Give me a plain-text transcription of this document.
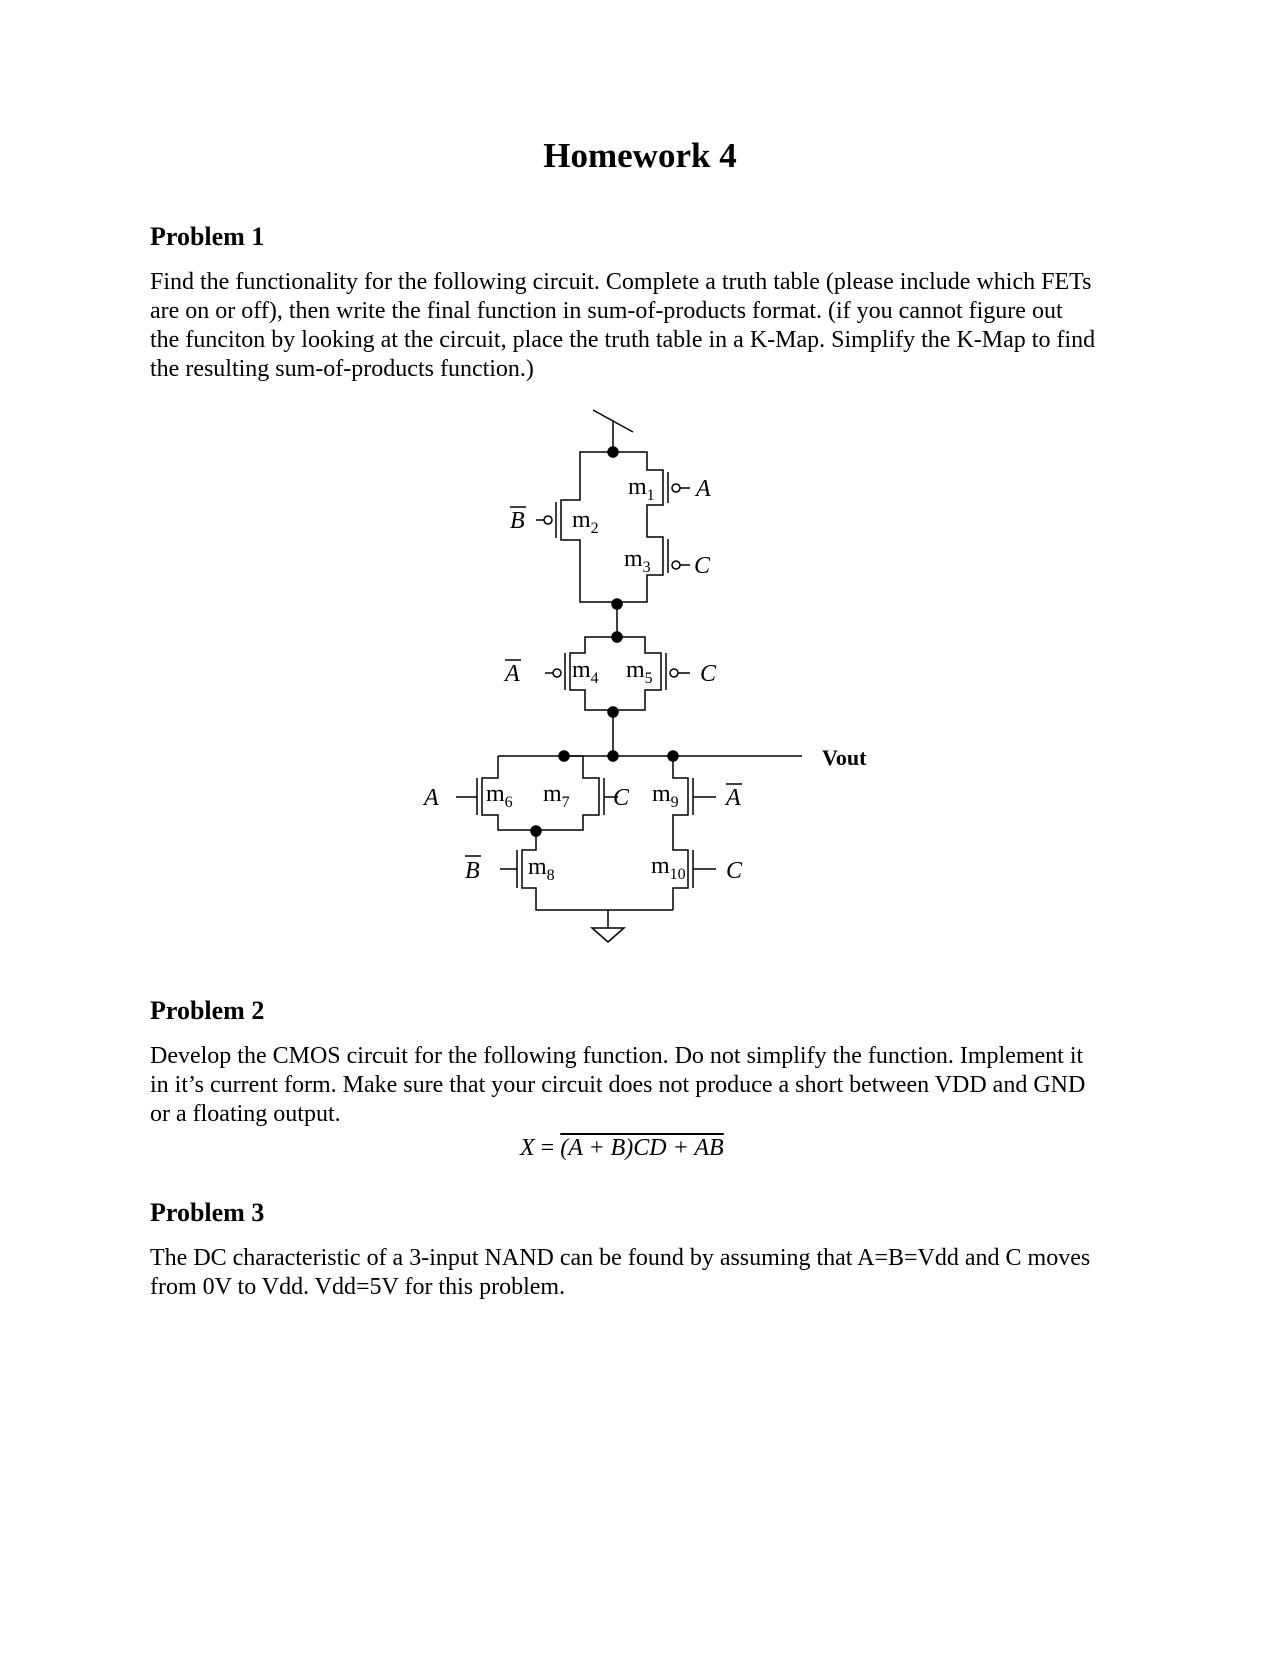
Homework 4
Problem 1

Find the functionality for the following circuit. Complete a truth table (please include which FETs
are on or off), then write the final function in sum-of-products format. (if you cannot figure out
the funciton by looking at the circuit, place the truth table in a K-Map. Simplify the K-Map to find
the resulting sum-of-products function.)

$m_1$
$m_2$
$m_3$
$m_4$ $m_5$
$m_6$ $m_7$
$m_8$
$m_9$
$m_{10}$
A
B
C
A	C
A	C
B
A
C
Vout
Problem 2

Develop the CMOS circuit for the following function. Do not simplify the function. Implement it
in it’s current form. Make sure that your circuit does not produce a short between VDD and GND
or a floating output.

X = (A + B)CD + AB
Problem 3

The DC characteristic of a 3-input NAND can be found by assuming that A=B=Vdd and C moves
from 0V to Vdd. Vdd=5V for this problem.
